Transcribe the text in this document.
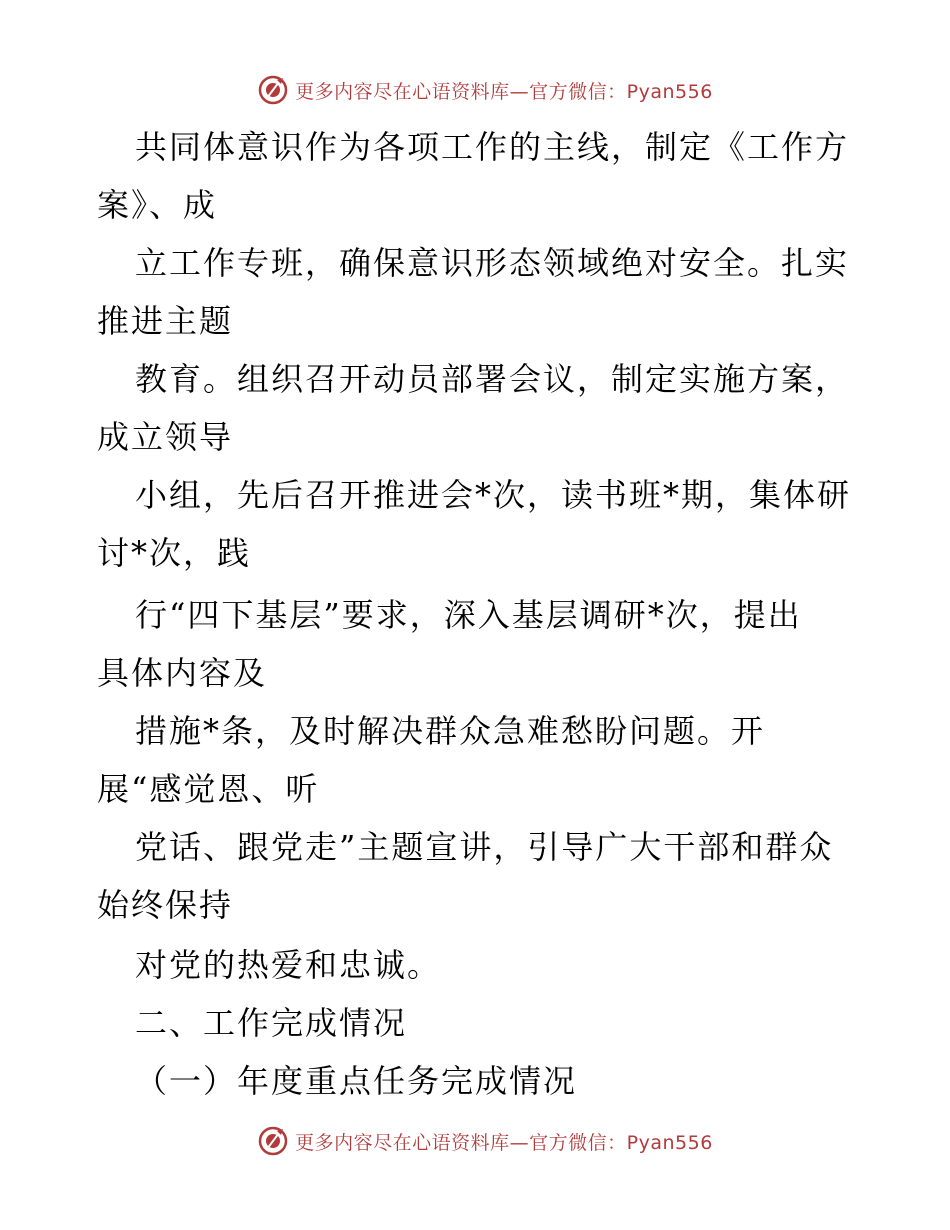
更多内容尽在心语资料库—官方微信：Pyan556
共同体意识作为各项工作的主线，制定《工作方
案》、成
立工作专班，确保意识形态领域绝对安全。扎实
推进主题
教育。组织召开动员部署会议，制定实施方案，
成立领导
小组，先后召开推进会*次，读书班*期，集体研
讨*次，践
行“四下基层”要求，深入基层调研*次，提出
具体内容及
措施*条，及时解决群众急难愁盼问题。开
展“感觉恩、听
党话、跟党走”主题宣讲，引导广大干部和群众
始终保持
对党的热爱和忠诚。
二、工作完成情况
（一）年度重点任务完成情况
更多内容尽在心语资料库—官方微信：Pyan556
